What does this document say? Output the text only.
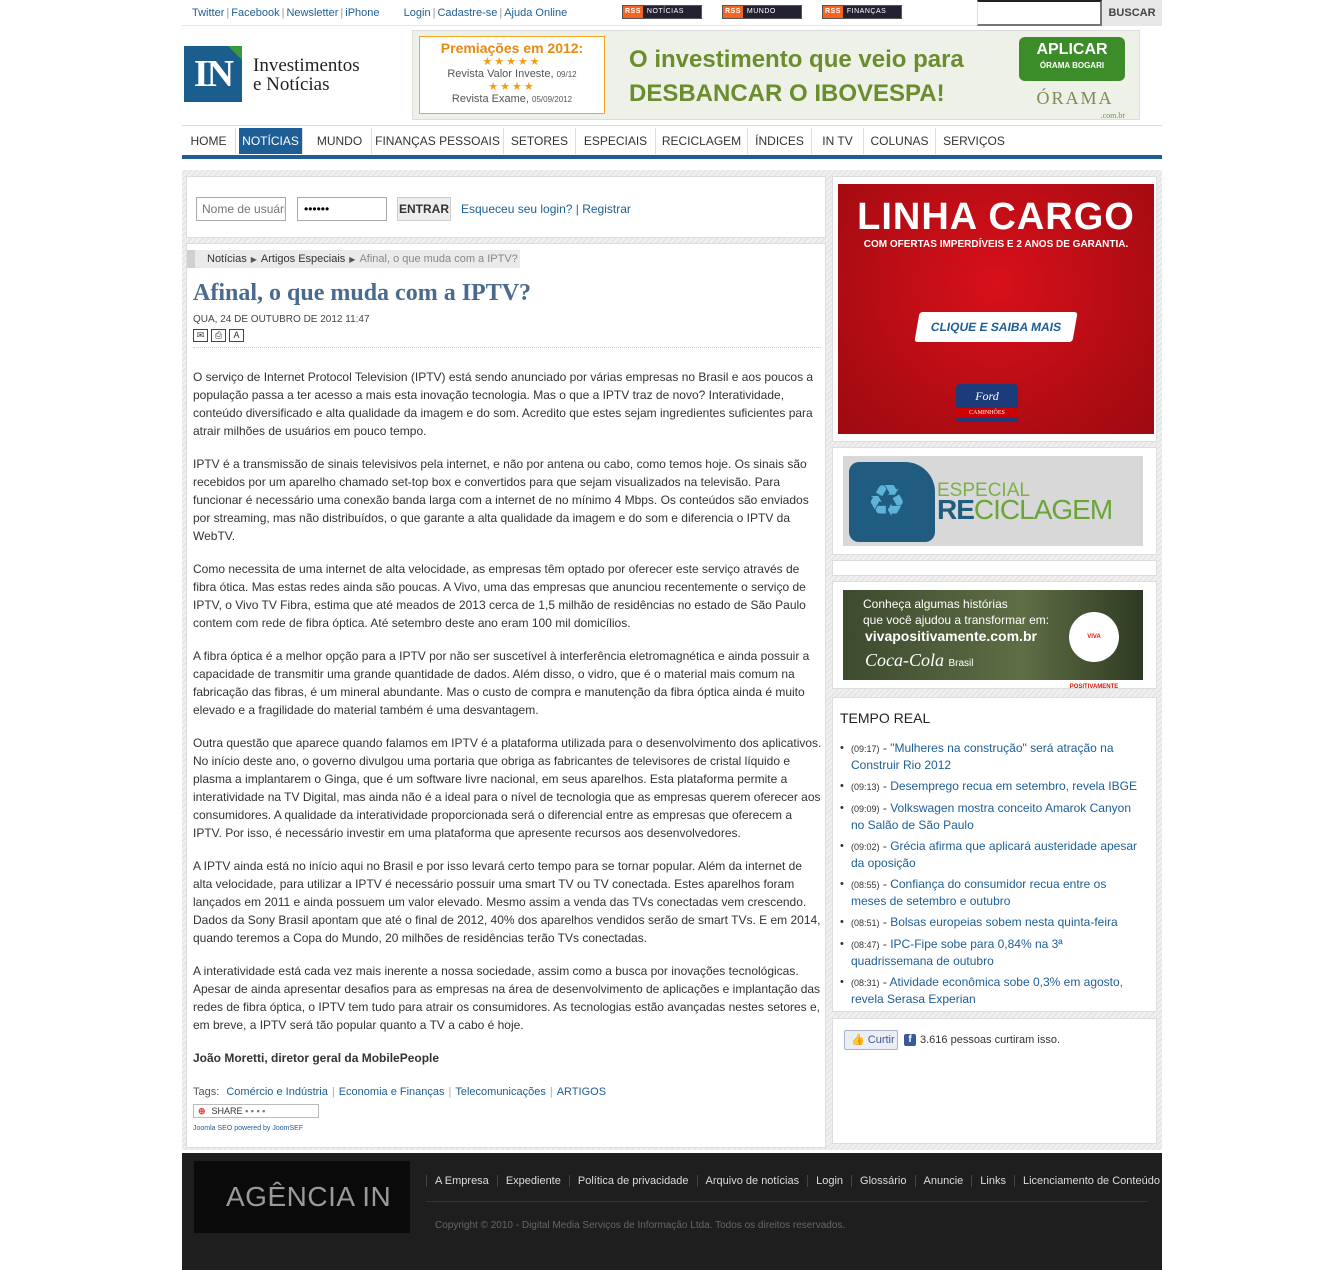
Twitter | Facebook | Newsletter | iPhone Login | Cadastre-se | Ajuda Online	RSS NOTÍCIAS	RSS MUNDO	RSS FINANÇAS	BUSCAR
IN	Investimentos
e Notícias
Premiações em 2012:
★★★★★
Revista Valor Investe, 09/12
★★★★
Revista Exame, 05/09/2012
O investimento que veio para
DESBANCAR O IBOVESPA!
APLICAR
ÓRAMA BOGARI
ÓRAMA
.com.br
HOME	NOTÍCIAS	MUNDO	FINANÇAS PESSOAIS SETORES	ESPECIAIS	RECICLAGEM	ÍNDICES	IN TV	COLUNAS	SERVIÇOS
Nome de usuário
••••••
ENTRAR Esqueceu seu login? | Registrar
Notícias ▶ Artigos Especiais ▶ Afinal, o que muda com a IPTV?
Afinal, o que muda com a IPTV?
QUA, 24 DE OUTUBRO DE 2012 11:47
✉ ⎙ A

O serviço de Internet Protocol Television (IPTV) está sendo anunciado por várias empresas no Brasil e aos poucos a população passa a ter acesso a mais esta inovação tecnologia. Mas o que a IPTV traz de novo? Interatividade, conteúdo diversificado e alta qualidade da imagem e do som. Acredito que estes sejam ingredientes suficientes para atrair milhões de usuários em pouco tempo.

IPTV é a transmissão de sinais televisivos pela internet, e não por antena ou cabo, como temos hoje. Os sinais são recebidos por um aparelho chamado set-top box e convertidos para que sejam visualizados na televisão. Para funcionar é necessário uma conexão banda larga com a internet de no mínimo 4 Mbps. Os conteúdos são enviados por streaming, mas não distribuídos, o que garante a alta qualidade da imagem e do som e diferencia o IPTV da WebTV.

Como necessita de uma internet de alta velocidade, as empresas têm optado por oferecer este serviço através de fibra ótica. Mas estas redes ainda são poucas. A Vivo, uma das empresas que anunciou recentemente o serviço de IPTV, o Vivo TV Fibra, estima que até meados de 2013 cerca de 1,5 milhão de residências no estado de São Paulo contem com rede de fibra óptica. Até setembro deste ano eram 100 mil domicílios.

A fibra óptica é a melhor opção para a IPTV por não ser suscetível à interferência eletromagnética e ainda possuir a capacidade de transmitir uma grande quantidade de dados. Além disso, o vidro, que é o material mais comum na fabricação das fibras, é um mineral abundante. Mas o custo de compra e manutenção da fibra óptica ainda é muito elevado e a fragilidade do material também é uma desvantagem.

Outra questão que aparece quando falamos em IPTV é a plataforma utilizada para o desenvolvimento dos aplicativos. No início deste ano, o governo divulgou uma portaria que obriga as fabricantes de televisores de cristal líquido e plasma a implantarem o Ginga, que é um software livre nacional, em seus aparelhos. Esta plataforma permite a interatividade na TV Digital, mas ainda não é a ideal para o nível de tecnologia que as empresas querem oferecer aos consumidores. A qualidade da interatividade proporcionada será o diferencial entre as empresas que oferecem a IPTV. Por isso, é necessário investir em uma plataforma que apresente recursos aos desenvolvedores.

A IPTV ainda está no início aqui no Brasil e por isso levará certo tempo para se tornar popular. Além da internet de alta velocidade, para utilizar a IPTV é necessário possuir uma smart TV ou TV conectada. Estes aparelhos foram lançados em 2011 e ainda possuem um valor elevado. Mesmo assim a venda das TVs conectadas vem crescendo. Dados da Sony Brasil apontam que até o final de 2012, 40% dos aparelhos vendidos serão de smart TVs. E em 2014, quando teremos a Copa do Mundo, 20 milhões de residências terão TVs conectadas.

A interatividade está cada vez mais inerente a nossa sociedade, assim como a busca por inovações tecnológicas. Apesar de ainda apresentar desafios para as empresas na área de desenvolvimento de aplicações e implantação das redes de fibra óptica, o IPTV tem tudo para atrair os consumidores. As tecnologias estão avançadas nestes setores e, em breve, a IPTV será tão popular quanto a TV a cabo é hoje.

João Moretti, diretor geral da MobilePeople

Tags: Comércio e Indústria | Economia e Finanças | Telecomunicações | ARTIGOS
⊕ SHARE ▪ ▪ ▪ ▪
Joomla SEO powered by JoomSEF
LINHA CARGO
COM OFERTAS IMPERDÍVEIS E 2 ANOS DE GARANTIA.
CLIQUE E SAIBA MAIS
Ford
CAMINHÕES
♻ ESPECIAL
RECICLAGEM
Conheça algumas histórias
que você ajudou a transformar em:
vivapositivamente.com.br
Coca-Cola Brasil
VIVA POSITIVAMENTE
TEMPO REAL
• (09:17) - "Mulheres na construção" será atração na Construir Rio 2012
• (09:13) - Desemprego recua em setembro, revela IBGE
• (09:09) - Volkswagen mostra conceito Amarok Canyon no Salão de São Paulo
• (09:02) - Grécia afirma que aplicará austeridade apesar da oposição
• (08:55) - Confiança do consumidor recua entre os meses de setembro e outubro
• (08:51) - Bolsas europeias sobem nesta quinta-feira
• (08:47) - IPC-Fipe sobe para 0,84% na 3ª quadrissemana de outubro
• (08:31) - Atividade econômica sobe 0,3% em agosto, revela Serasa Experian
👍 Curtir	f 3.616 pessoas curtiram isso.
AGÊNCIA IN	A Empresa Expediente Política de privacidade Arquivo de notícias Login Glossário Anuncie Links Licenciamento de Conteúdo
Copyright © 2010 - Digital Media Serviços de Informação Ltda. Todos os direitos reservados.
